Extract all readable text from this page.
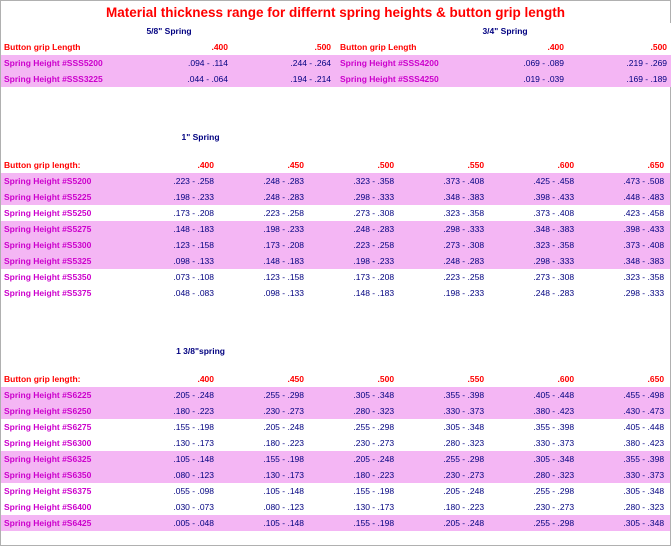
Material thickness range for differnt spring heights & button grip length
5/8" Spring		
Button grip Length	.400	.500
Spring Height #SSS5200	.094 - .114	.244 - .264
Spring Height #SSS3225	.044 - .064	.194 - .214
3/4" Spring		
Button grip Length	.400	.500
Spring Height #SSS4200	.069 - .089	.219 - .269
Spring Height #SSS4250	.019 - .039	.169 - .189
1" Spring						

Button grip length:	.400	.450	.500	.550	.600	.650
Spring Height #S5200	.223 - .258	.248 - .283	.323 - .358	.373 - .408	.425 - .458	.473 - .508
Spring Height #S5225	.198 - .233	.248 - .283	.298 - .333	.348 - .383	.398 - .433	.448 - .483
Spring Height #S5250	.173 - .208	.223 - .258	.273 - .308	.323 - .358	.373 - .408	.423 - .458
Spring Height #S5275	.148 - .183	.198 - .233	.248 - .283	.298 - .333	.348 - .383	.398 - .433
Spring Height #S5300	.123 - .158	.173 - .208	.223 - .258	.273 - .308	.323 - .358	.373 - .408
Spring Height #S5325	.098 - .133	.148 - .183	.198 - .233	.248 - .283	.298 - .333	.348 - .383
Spring Height #S5350	.073 - .108	.123 - .158	.173 - .208	.223 - .258	.273 - .308	.323 - .358
Spring Height #S5375	.048 - .083	.098 - .133	.148 - .183	.198 - .233	.248 - .283	.298 - .333
1 3/8"spring						

Button grip length:	.400	.450	.500	.550	.600	.650
Spring Height #S6225	.205 - .248	.255 - .298	.305 - .348	.355 - .398	.405 - .448	.455 - .498
Spring Height #S6250	.180 - .223	.230 - .273	.280 - .323	.330 - .373	.380 - .423	.430 - .473
Spring Height #S6275	.155 - .198	.205 - .248	.255 - .298	.305 - .348	.355 - .398	.405 - .448
Spring Height #S6300	.130 - .173	.180 - .223	.230 - .273	.280 - .323	.330 - .373	.380 - .423
Spring Height #S6325	.105 - .148	.155 - .198	.205 - .248	.255 - .298	.305 - .348	.355 - .398
Spring Height #S6350	.080 - .123	.130 - .173	.180 - .223	.230 - .273	.280 - .323	.330 - .373
Spring Height #S6375	.055 - .098	.105 - .148	.155 - .198	.205 - .248	.255 - .298	.305 - .348
Spring Height #S6400	.030 - .073	.080 - .123	.130 - .173	.180 - .223	.230 - .273	.280 - .323
Spring Height #S6425	.005 - .048	.105 - .148	.155 - .198	.205 - .248	.255 - .298	.305 - .348
